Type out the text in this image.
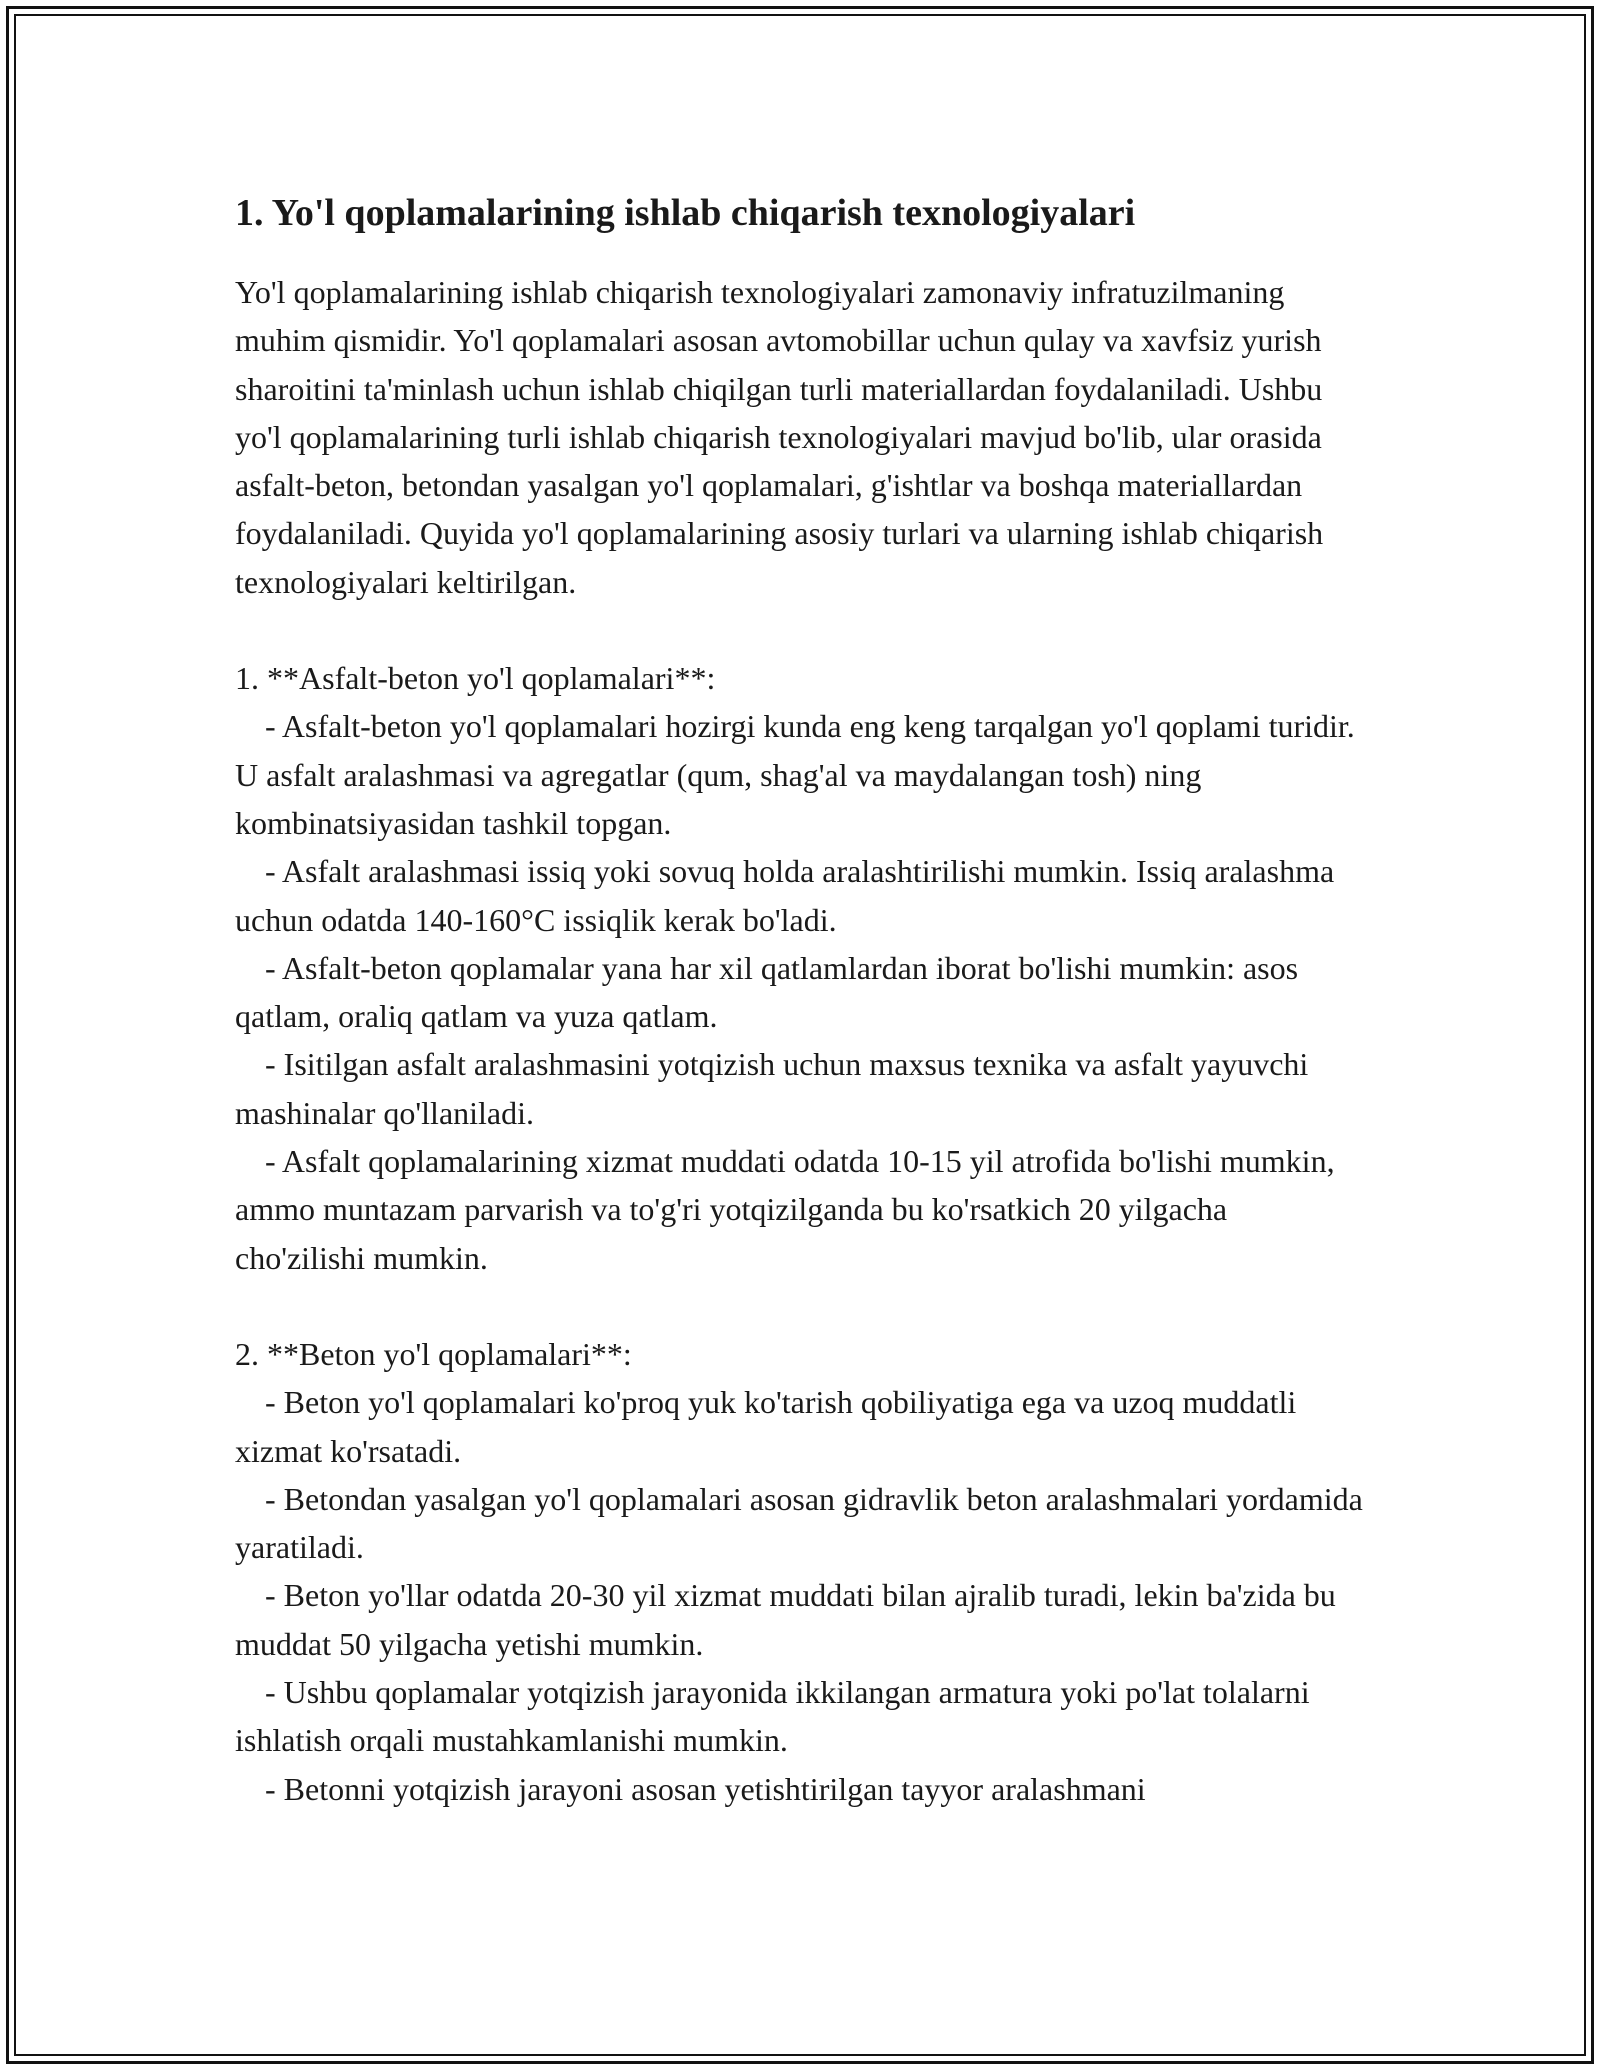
1. Yo'l qoplamalarining ishlab chiqarish texnologiyalari

Yo'l qoplamalarining ishlab chiqarish texnologiyalari zamonaviy infratuzilmaning muhim qismidir. Yo'l qoplamalari asosan avtomobillar uchun qulay va xavfsiz yurish sharoitini ta'minlash uchun ishlab chiqilgan turli materiallardan foydalaniladi. Ushbu yo'l qoplamalarining turli ishlab chiqarish texnologiyalari mavjud bo'lib, ular orasida asfalt-beton, betondan yasalgan yo'l qoplamalari, g'ishtlar va boshqa materiallardan foydalaniladi. Quyida yo'l qoplamalarining asosiy turlari va ularning ishlab chiqarish texnologiyalari keltirilgan.

1. **Asfalt-beton yo'l qoplamalari**:

- Asfalt-beton yo'l qoplamalari hozirgi kunda eng keng tarqalgan yo'l qoplami turidir. U asfalt aralashmasi va agregatlar (qum, shag'al va maydalangan tosh) ning kombinatsiyasidan tashkil topgan.

- Asfalt aralashmasi issiq yoki sovuq holda aralashtirilishi mumkin. Issiq aralashma uchun odatda 140-160°C issiqlik kerak bo'ladi.

- Asfalt-beton qoplamalar yana har xil qatlamlardan iborat bo'lishi mumkin: asos qatlam, oraliq qatlam va yuza qatlam.

- Isitilgan asfalt aralashmasini yotqizish uchun maxsus texnika va asfalt yayuvchi mashinalar qo'llaniladi.

- Asfalt qoplamalarining xizmat muddati odatda 10-15 yil atrofida bo'lishi mumkin, ammo muntazam parvarish va to'g'ri yotqizilganda bu ko'rsatkich 20 yilgacha cho'zilishi mumkin.

2. **Beton yo'l qoplamalari**:

- Beton yo'l qoplamalari ko'proq yuk ko'tarish qobiliyatiga ega va uzoq muddatli xizmat ko'rsatadi.

- Betondan yasalgan yo'l qoplamalari asosan gidravlik beton aralashmalari yordamida yaratiladi.

- Beton yo'llar odatda 20-30 yil xizmat muddati bilan ajralib turadi, lekin ba'zida bu muddat 50 yilgacha yetishi mumkin.

- Ushbu qoplamalar yotqizish jarayonida ikkilangan armatura yoki po'lat tolalarni ishlatish orqali mustahkamlanishi mumkin.

- Betonni yotqizish jarayoni asosan yetishtirilgan tayyor aralashmani
